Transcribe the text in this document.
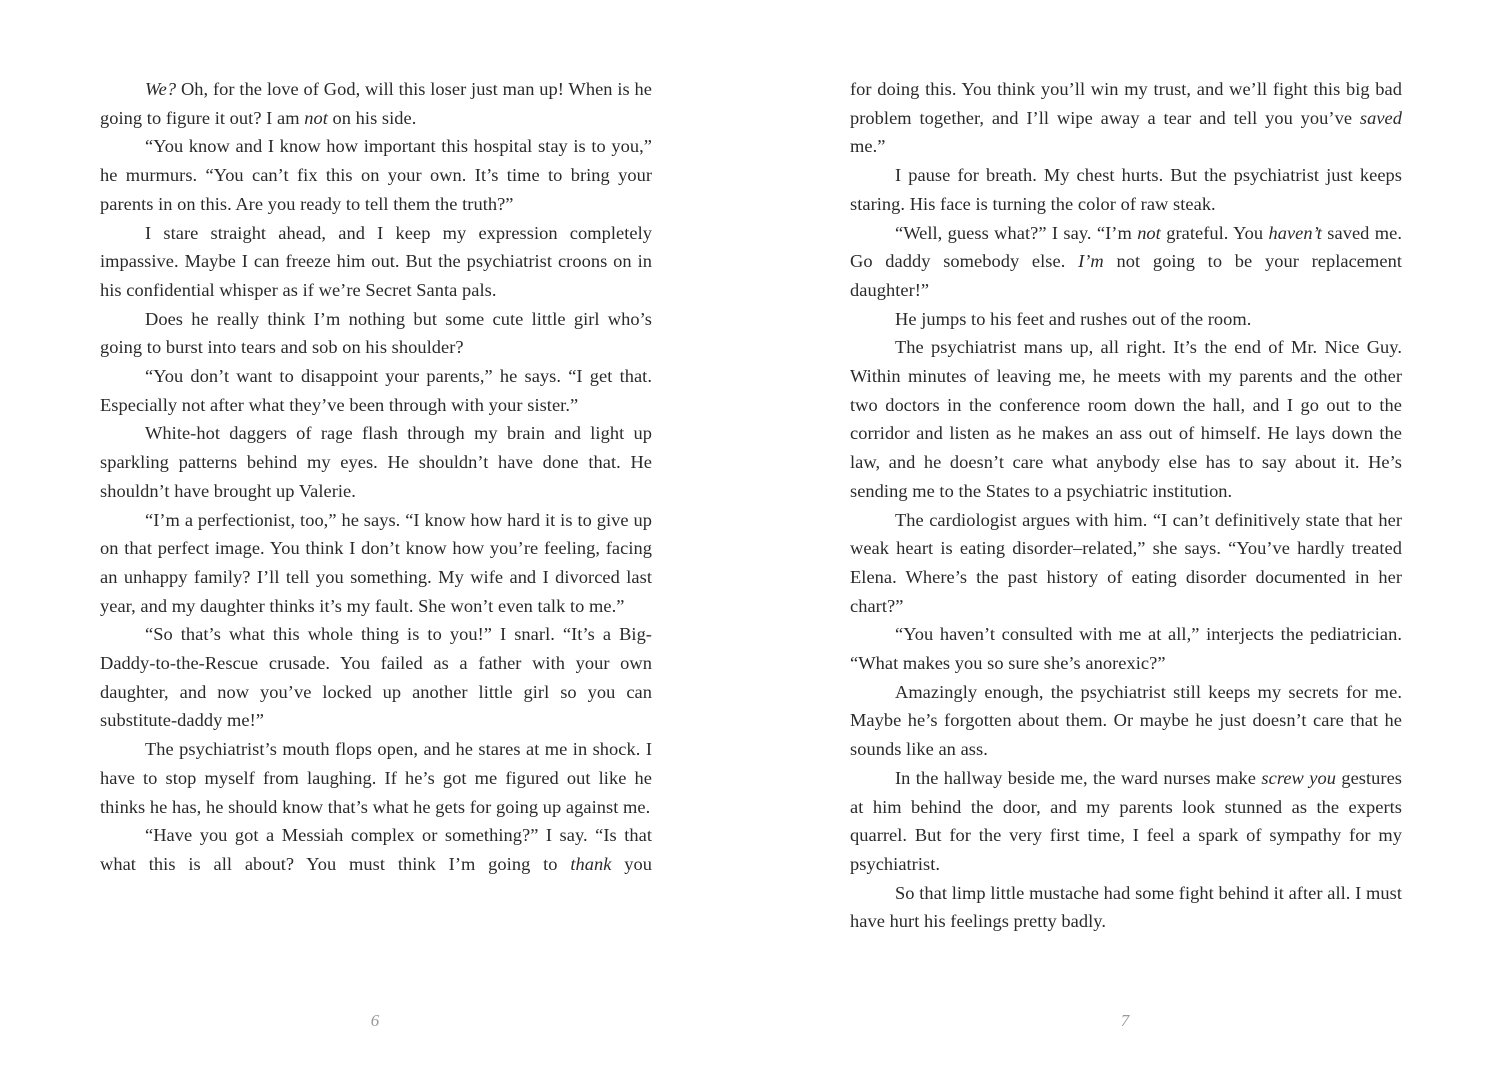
We? Oh, for the love of God, will this loser just man up! When is he going to figure it out? I am not on his side.

“You know and I know how important this hospital stay is to you,” he murmurs. “You can’t fix this on your own. It’s time to bring your parents in on this. Are you ready to tell them the truth?”

I stare straight ahead, and I keep my expression completely impassive. Maybe I can freeze him out. But the psychiatrist croons on in his confidential whisper as if we’re Secret Santa pals.

Does he really think I’m nothing but some cute little girl who’s going to burst into tears and sob on his shoulder?

“You don’t want to disappoint your parents,” he says. “I get that. Especially not after what they’ve been through with your sister.”

White-hot daggers of rage flash through my brain and light up sparkling patterns behind my eyes. He shouldn’t have done that. He shouldn’t have brought up Valerie.

“I’m a perfectionist, too,” he says. “I know how hard it is to give up on that perfect image. You think I don’t know how you’re feeling, facing an unhappy family? I’ll tell you something. My wife and I divorced last year, and my daughter thinks it’s my fault. She won’t even talk to me.”

“So that’s what this whole thing is to you!” I snarl. “It’s a Big-Daddy-to-the-Rescue crusade. You failed as a father with your own daughter, and now you’ve locked up another little girl so you can substitute-daddy me!”

The psychiatrist’s mouth flops open, and he stares at me in shock. I have to stop myself from laughing. If he’s got me figured out like he thinks he has, he should know that’s what he gets for going up against me.

“Have you got a Messiah complex or something?” I say. “Is that what this is all about? You must think I’m going to thank you

6

for doing this. You think you’ll win my trust, and we’ll fight this big bad problem together, and I’ll wipe away a tear and tell you you’ve saved me.”

I pause for breath. My chest hurts. But the psychiatrist just keeps staring. His face is turning the color of raw steak.

“Well, guess what?” I say. “I’m not grateful. You haven’t saved me. Go daddy somebody else. I’m not going to be your replacement daughter!”

He jumps to his feet and rushes out of the room.

The psychiatrist mans up, all right. It’s the end of Mr. Nice Guy. Within minutes of leaving me, he meets with my parents and the other two doctors in the conference room down the hall, and I go out to the corridor and listen as he makes an ass out of himself. He lays down the law, and he doesn’t care what anybody else has to say about it. He’s sending me to the States to a psychiatric institution.

The cardiologist argues with him. “I can’t definitively state that her weak heart is eating disorder–related,” she says. “You’ve hardly treated Elena. Where’s the past history of eating disorder documented in her chart?”

“You haven’t consulted with me at all,” interjects the pediatrician. “What makes you so sure she’s anorexic?”

Amazingly enough, the psychiatrist still keeps my secrets for me. Maybe he’s forgotten about them. Or maybe he just doesn’t care that he sounds like an ass.

In the hallway beside me, the ward nurses make screw you gestures at him behind the door, and my parents look stunned as the experts quarrel. But for the very first time, I feel a spark of sympathy for my psychiatrist.

So that limp little mustache had some fight behind it after all. I must have hurt his feelings pretty badly.

7
